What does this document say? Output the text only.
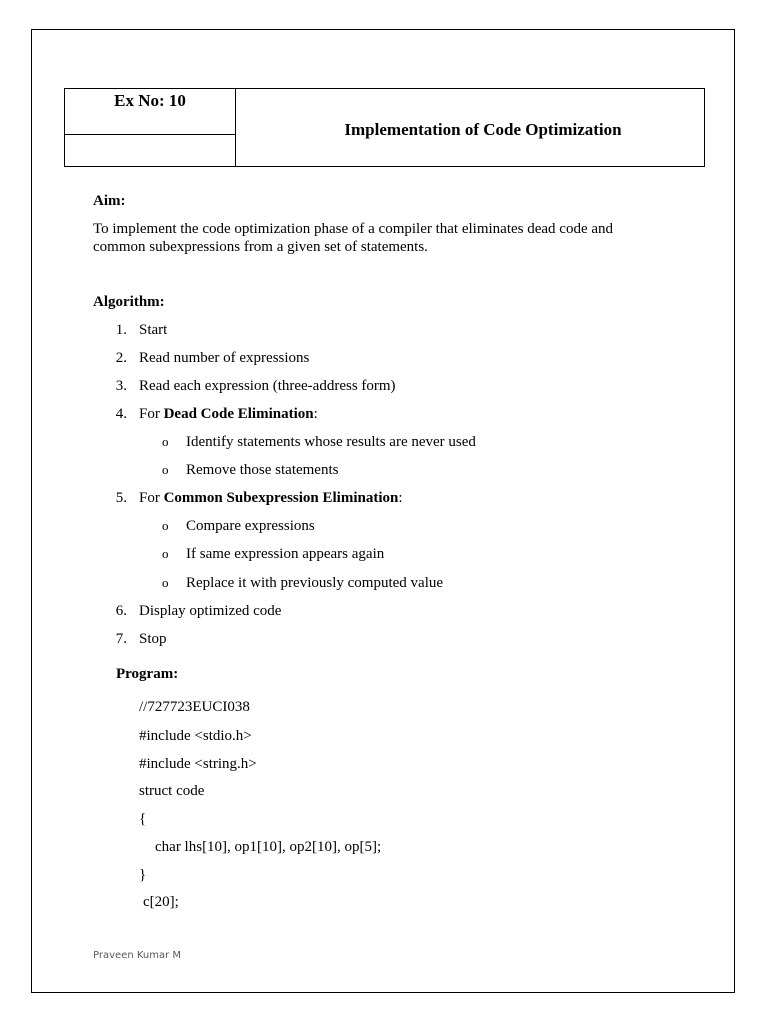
Ex No: 10	Implementation of Code Optimization

Aim:
To implement the code optimization phase of a compiler that eliminates dead code and common subexpressions from a given set of statements.
Algorithm:
1. Start
2. Read number of expressions
3. Read each expression (three-address form)
4. For Dead Code Elimination:
o Identify statements whose results are never used
o Remove those statements
5. For Common Subexpression Elimination:
o Compare expressions
o If same expression appears again
o Replace it with previously computed value
6. Display optimized code
7. Stop
Program:
//727723EUCI038
#include <stdio.h>
#include <string.h>
struct code
{
char lhs[10], op1[10], op2[10], op[5];
}
c[20];
Praveen Kumar M
